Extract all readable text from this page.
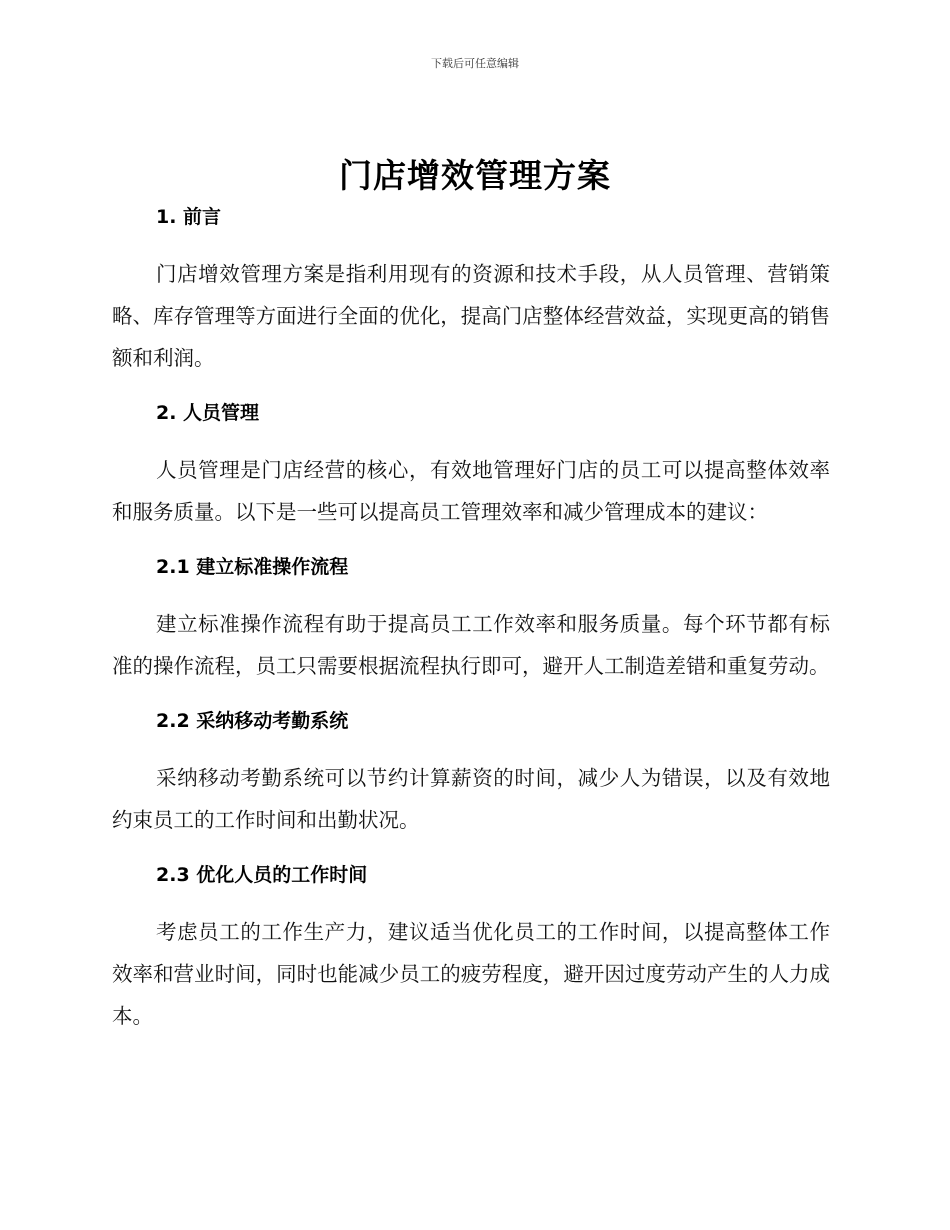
下载后可任意编辑
门店增效管理方案
1. 前言

门店增效管理方案是指利用现有的资源和技术手段，从人员管理、营销策略、库存管理等方面进行全面的优化，提高门店整体经营效益，实现更高的销售额和利润。

2. 人员管理

人员管理是门店经营的核心，有效地管理好门店的员工可以提高整体效率和服务质量。以下是一些可以提高员工管理效率和减少管理成本的建议：

2.1 建立标准操作流程

建立标准操作流程有助于提高员工工作效率和服务质量。每个环节都有标准的操作流程，员工只需要根据流程执行即可，避开人工制造差错和重复劳动。

2.2 采纳移动考勤系统

采纳移动考勤系统可以节约计算薪资的时间，减少人为错误，以及有效地约束员工的工作时间和出勤状况。

2.3 优化人员的工作时间

考虑员工的工作生产力，建议适当优化员工的工作时间，以提高整体工作效率和营业时间，同时也能减少员工的疲劳程度，避开因过度劳动产生的人力成本。
